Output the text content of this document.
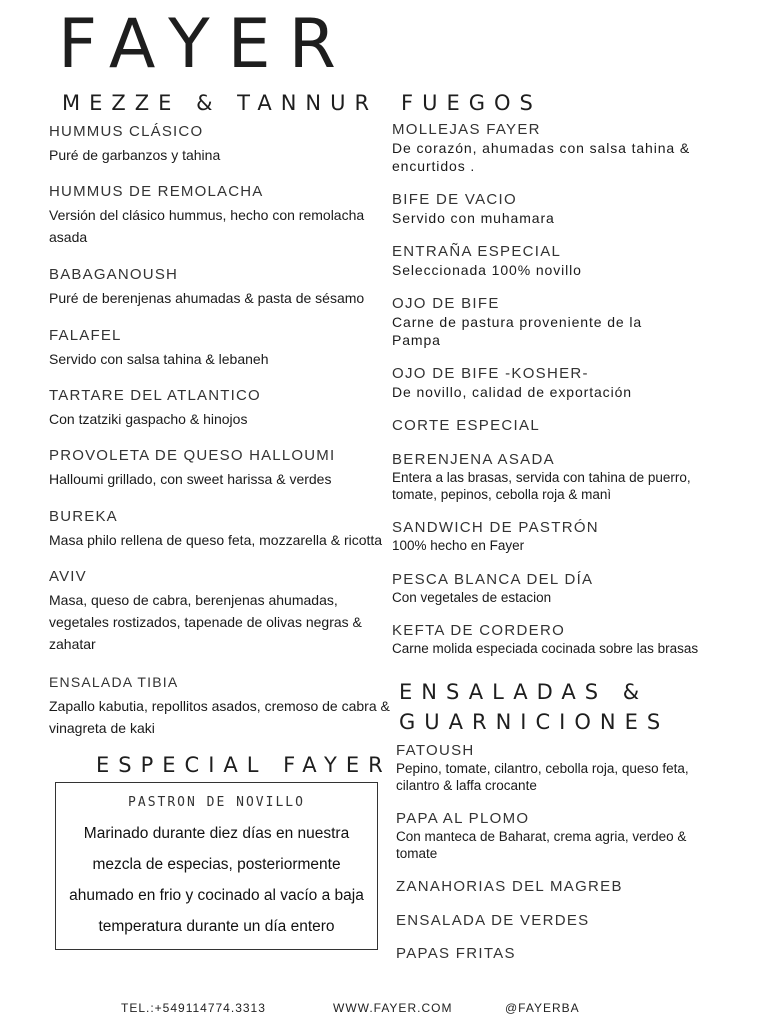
FAYER
MEZZE & TANNUR
HUMMUS CLÁSICO
Puré de garbanzos y tahina
HUMMUS DE REMOLACHA
Versión del clásico hummus, hecho con remolacha asada
BABAGANOUSH
Puré de berenjenas ahumadas & pasta de sésamo
FALAFEL
Servido con salsa tahina & lebaneh
TARTARE DEL ATLANTICO
Con tzatziki gaspacho & hinojos
PROVOLETA DE QUESO HALLOUMI
Halloumi grillado, con sweet harissa & verdes
BUREKA
Masa philo rellena de queso feta, mozzarella & ricotta
AVIV
Masa, queso de cabra, berenjenas ahumadas, vegetales rostizados, tapenade de olivas negras & zahatar
ENSALADA TIBIA
Zapallo kabutia, repollitos asados, cremoso de cabra & vinagreta de kaki
ESPECIAL FAYER
PASTRON DE NOVILLO
Marinado durante diez días en nuestra mezcla de especias, posteriormente ahumado en frio y cocinado al vacío a baja temperatura durante un día entero
FUEGOS
MOLLEJAS FAYER
De corazón, ahumadas con salsa tahina & encurtidos .
BIFE DE VACIO
Servido con muhamara
ENTRAÑA ESPECIAL
Seleccionada 100% novillo
OJO DE BIFE
Carne de pastura proveniente de la Pampa
OJO DE BIFE -KOSHER-
De novillo, calidad de exportación
CORTE ESPECIAL
BERENJENA ASADA
Entera a las brasas, servida con tahina de puerro, tomate, pepinos, cebolla roja & manì
SANDWICH DE PASTRÓN
100% hecho en Fayer
PESCA BLANCA DEL DÍA
Con vegetales de estacion
KEFTA DE CORDERO
Carne molida especiada cocinada sobre las brasas
ENSALADAS &
GUARNICIONES
FATOUSH
Pepino, tomate, cilantro, cebolla roja, queso feta, cilantro & laffa crocante
PAPA AL PLOMO
Con manteca de Baharat, crema agria, verdeo & tomate
ZANAHORIAS DEL MAGREB
ENSALADA DE VERDES
PAPAS FRITAS
TEL.:+549114774.3313	WWW.FAYER.COM	@FAYERBA
